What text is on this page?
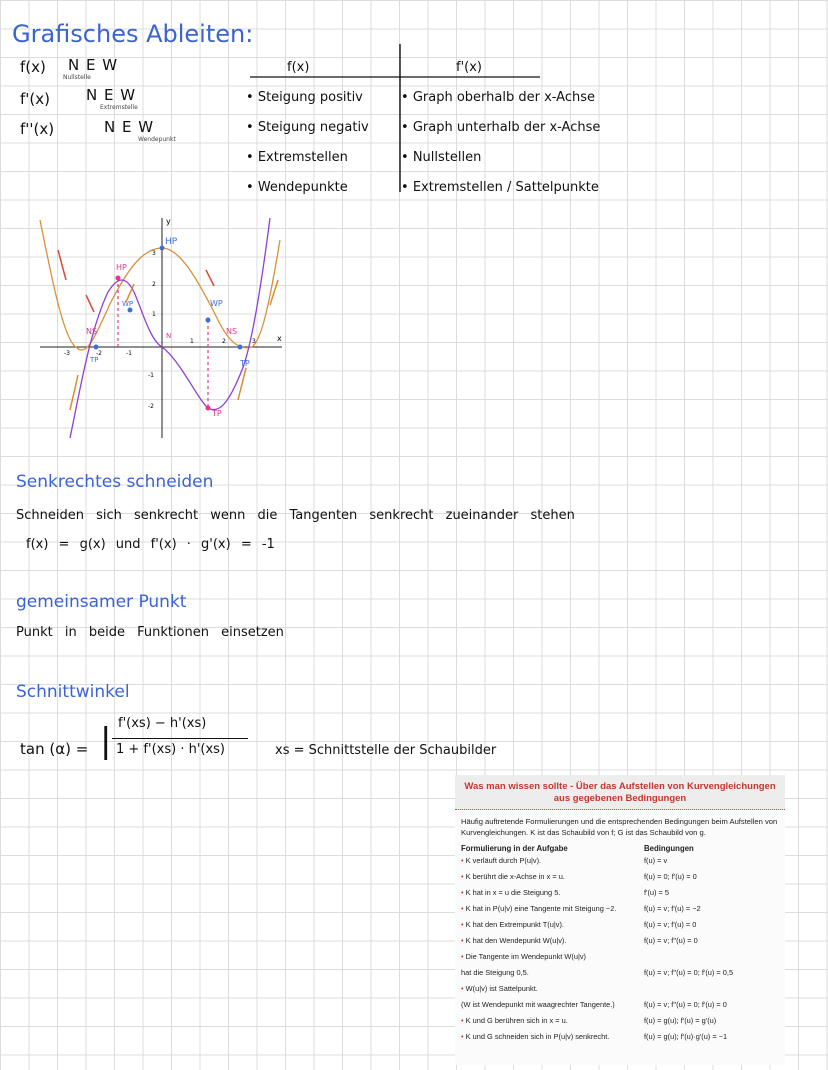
Grafisches Ableiten:
f(x) N E W
Nullstelle
f'(x) N E W
Extremstelle
f''(x)	N E W
Wendepunkt
f(x)	f'(x)
• Steigung positiv	• Graph oberhalb der x-Achse
• Steigung negativ • Graph unterhalb der x-Achse
• Extremstellen	• Nullstellen
• Wendepunkte	• Extremstellen / Sattelpunkte
x
y
-3	-2	-1
1	2	3
3
2
1
-1
-2
HP
HP
WP	WP
NS	NS
TP	TP
TP
N
Senkrechtes schneiden
Schneiden sich senkrecht wenn die Tangenten senkrecht zueinander stehen
f(x) = g(x) und f'(x) · g'(x) = -1
gemeinsamer Punkt
Punkt in beide Funktionen einsetzen
Schnittwinkel
tan (α) = | f'(xs) − h'(xs)
1 + f'(xs) · h'(xs)	xs = Schnittstelle der Schaubilder
Was man wissen sollte - Über das Aufstellen von Kurvengleichungen
aus gegebenen Bedingungen
Häufig auftretende Formulierungen und die entsprechenden Bedingungen beim Aufstellen von Kurvengleichungen. K ist das Schaubild von f; G ist das Schaubild von g.
Formulierung in der Aufgabe	Bedingungen
• K verläuft durch P(u|v).	f(u) = v
• K berührt die x-Achse in x = u.	f(u) = 0; f'(u) = 0
• K hat in x = u die Steigung 5.	f'(u) = 5
• K hat in P(u|v) eine Tangente mit Steigung −2.	f(u) = v; f'(u) = −2
• K hat den Extrempunkt T(u|v).	f(u) = v; f'(u) = 0
• K hat den Wendepunkt W(u|v).	f(u) = v; f''(u) = 0
• Die Tangente im Wendepunkt W(u|v)
hat die Steigung 0,5.	f(u) = v; f''(u) = 0; f'(u) = 0,5
• W(u|v) ist Sattelpunkt.
(W ist Wendepunkt mit waagrechter Tangente.)	f(u) = v; f''(u) = 0; f'(u) = 0
• K und G berühren sich in x = u.	f(u) = g(u); f'(u) = g'(u)
• K und G schneiden sich in P(u|v) senkrecht.	f(u) = g(u); f'(u)·g'(u) = −1
